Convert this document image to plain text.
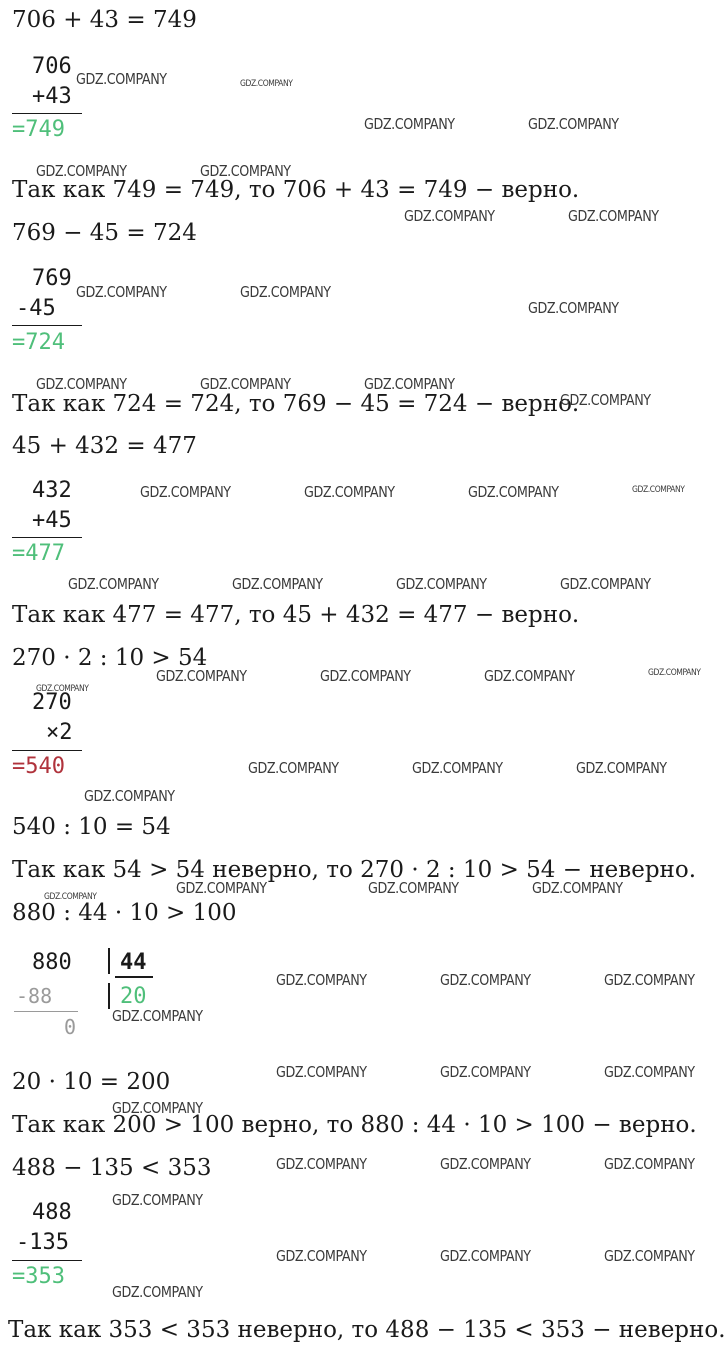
706 + 43 = 749
706
+43
=749
Так как 749 = 749, то 706 + 43 = 749 − верно.
769 − 45 = 724
769
-45
=724
Так как 724 = 724, то 769 − 45 = 724 − верно.
45 + 432 = 477
432
+45
=477
Так как 477 = 477, то 45 + 432 = 477 − верно.
270 · 2 : 10 > 54
270
×2
=540
540 : 10 = 54
Так как 54 > 54 неверно, то 270 · 2 : 10 > 54 − неверно.
880 : 44 · 10 > 100
880 44
-88	20
0
20 · 10 = 200
Так как 200 > 100 верно, то 880 : 44 · 10 > 100 − верно.
488 − 135 < 353
488
-135
=353
Так как 353 < 353 неверно, то 488 − 135 < 353 − неверно.
GDZ.COMPANY	GDZ.COMPANY
GDZ.COMPANY	GDZ.COMPANY
GDZ.COMPANY	GDZ.COMPANY
GDZ.COMPANY	GDZ.COMPANY
GDZ.COMPANY	GDZ.COMPANY
GDZ.COMPANY
GDZ.COMPANY	GDZ.COMPANY	GDZ.COMPANY
GDZ.COMPANY
GDZ.COMPANY	GDZ.COMPANY	GDZ.COMPANY	GDZ.COMPANY
GDZ.COMPANY	GDZ.COMPANY	GDZ.COMPANY	GDZ.COMPANY
GDZ.COMPANY	GDZ.COMPANY	GDZ.COMPANY	GDZ.COMPANY
GDZ.COMPANY
GDZ.COMPANY	GDZ.COMPANY	GDZ.COMPANY
GDZ.COMPANY
GDZ.COMPANY	GDZ.COMPANY	GDZ.COMPANY
GDZ.COMPANY
GDZ.COMPANY	GDZ.COMPANY	GDZ.COMPANY
GDZ.COMPANY
GDZ.COMPANY	GDZ.COMPANY	GDZ.COMPANY
GDZ.COMPANY
GDZ.COMPANY	GDZ.COMPANY	GDZ.COMPANY
GDZ.COMPANY
GDZ.COMPANY	GDZ.COMPANY	GDZ.COMPANY
GDZ.COMPANY
